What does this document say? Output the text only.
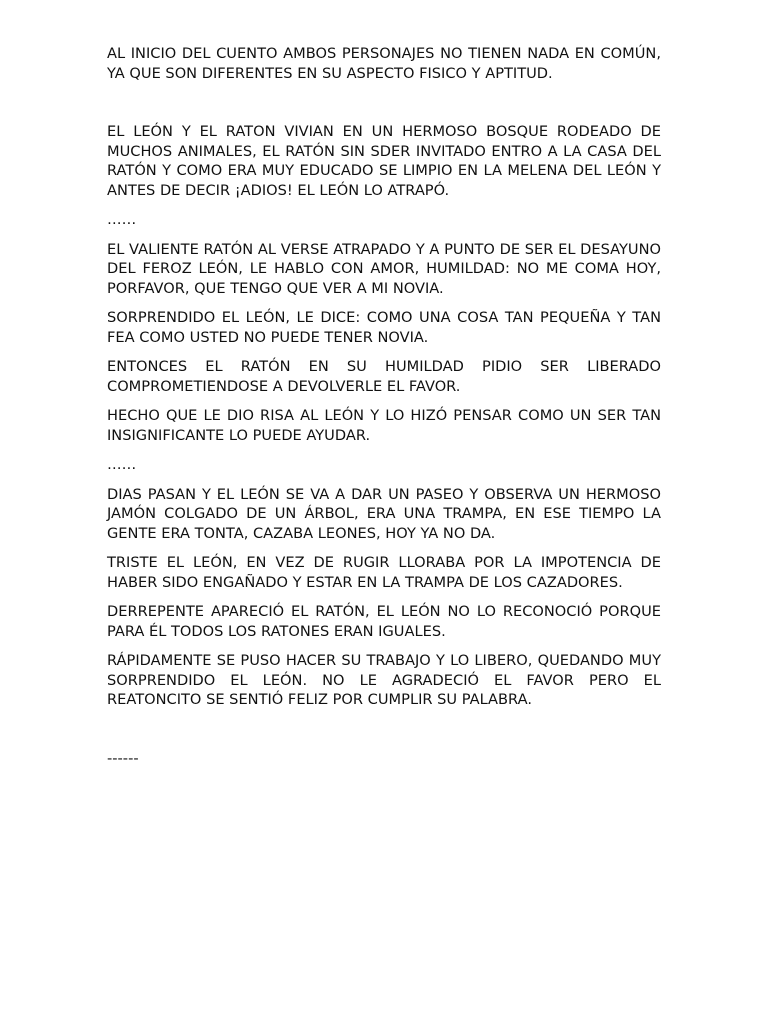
AL INICIO DEL CUENTO AMBOS PERSONAJES NO TIENEN NADA EN COMÚN, YA QUE SON DIFERENTES EN SU ASPECTO FISICO Y APTITUD.

EL LEÓN Y EL RATON VIVIAN EN UN HERMOSO BOSQUE RODEADO DE MUCHOS ANIMALES, EL RATÓN SIN SDER INVITADO ENTRO A LA CASA DEL RATÓN Y COMO ERA MUY EDUCADO SE LIMPIO EN LA MELENA DEL LEÓN Y ANTES DE DECIR ¡ADIOS! EL LEÓN LO ATRAPÓ.

……

EL VALIENTE RATÓN AL VERSE ATRAPADO Y A PUNTO DE SER EL DESAYUNO DEL FEROZ LEÓN, LE HABLO CON AMOR, HUMILDAD: NO ME COMA HOY, PORFAVOR, QUE TENGO QUE VER A MI NOVIA.

SORPRENDIDO EL LEÓN, LE DICE: COMO UNA COSA TAN PEQUEÑA Y TAN FEA COMO USTED NO PUEDE TENER NOVIA.

ENTONCES EL RATÓN EN SU HUMILDAD PIDIO SER LIBERADO COMPROMETIENDOSE A DEVOLVERLE EL FAVOR.

HECHO QUE LE DIO RISA AL LEÓN Y LO HIZÓ PENSAR COMO UN SER TAN INSIGNIFICANTE LO PUEDE AYUDAR.

……

DIAS PASAN Y EL LEÓN SE VA A DAR UN PASEO Y OBSERVA UN HERMOSO JAMÓN COLGADO DE UN ÁRBOL, ERA UNA TRAMPA, EN ESE TIEMPO LA GENTE ERA TONTA, CAZABA LEONES, HOY YA NO DA.

TRISTE EL LEÓN, EN VEZ DE RUGIR LLORABA POR LA IMPOTENCIA DE HABER SIDO ENGAÑADO Y ESTAR EN LA TRAMPA DE LOS CAZADORES.

DERREPENTE APARECIÓ EL RATÓN, EL LEÓN NO LO RECONOCIÓ PORQUE PARA ÉL TODOS LOS RATONES ERAN IGUALES.

RÁPIDAMENTE SE PUSO HACER SU TRABAJO Y LO LIBERO, QUEDANDO MUY SORPRENDIDO EL LEÓN. NO LE AGRADECIÓ EL FAVOR PERO EL REATONCITO SE SENTIÓ FELIZ POR CUMPLIR SU PALABRA.

------
